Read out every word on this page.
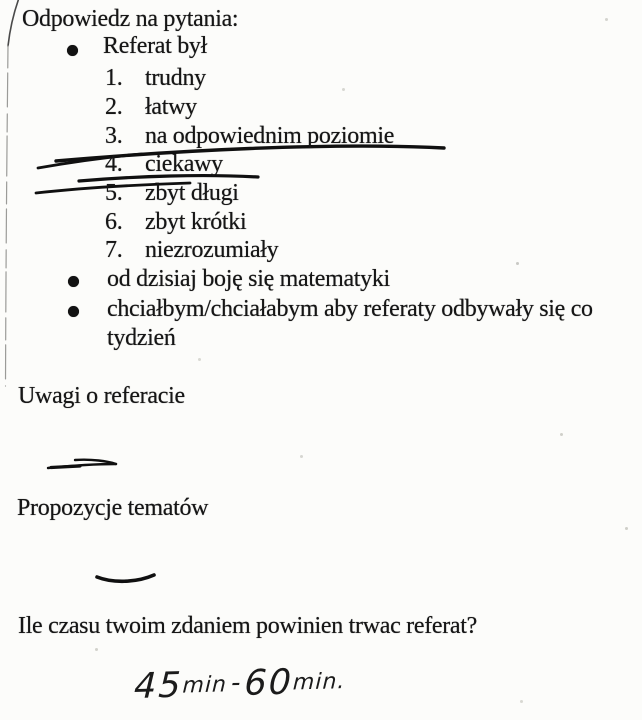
Odpowiedz na pytania:
Referat był
1. trudny
2. łatwy
3. na odpowiednim poziomie
4. ciekawy
5. zbyt długi
6. zbyt krótki
7. niezrozumiały
od dzisiaj boję się matematyki
chciałbym/chciałabym aby referaty odbywały się co
tydzień
Uwagi o referacie
Propozycje tematów
Ile czasu twoim zdaniem powinien trwac referat?
45min -60min.
